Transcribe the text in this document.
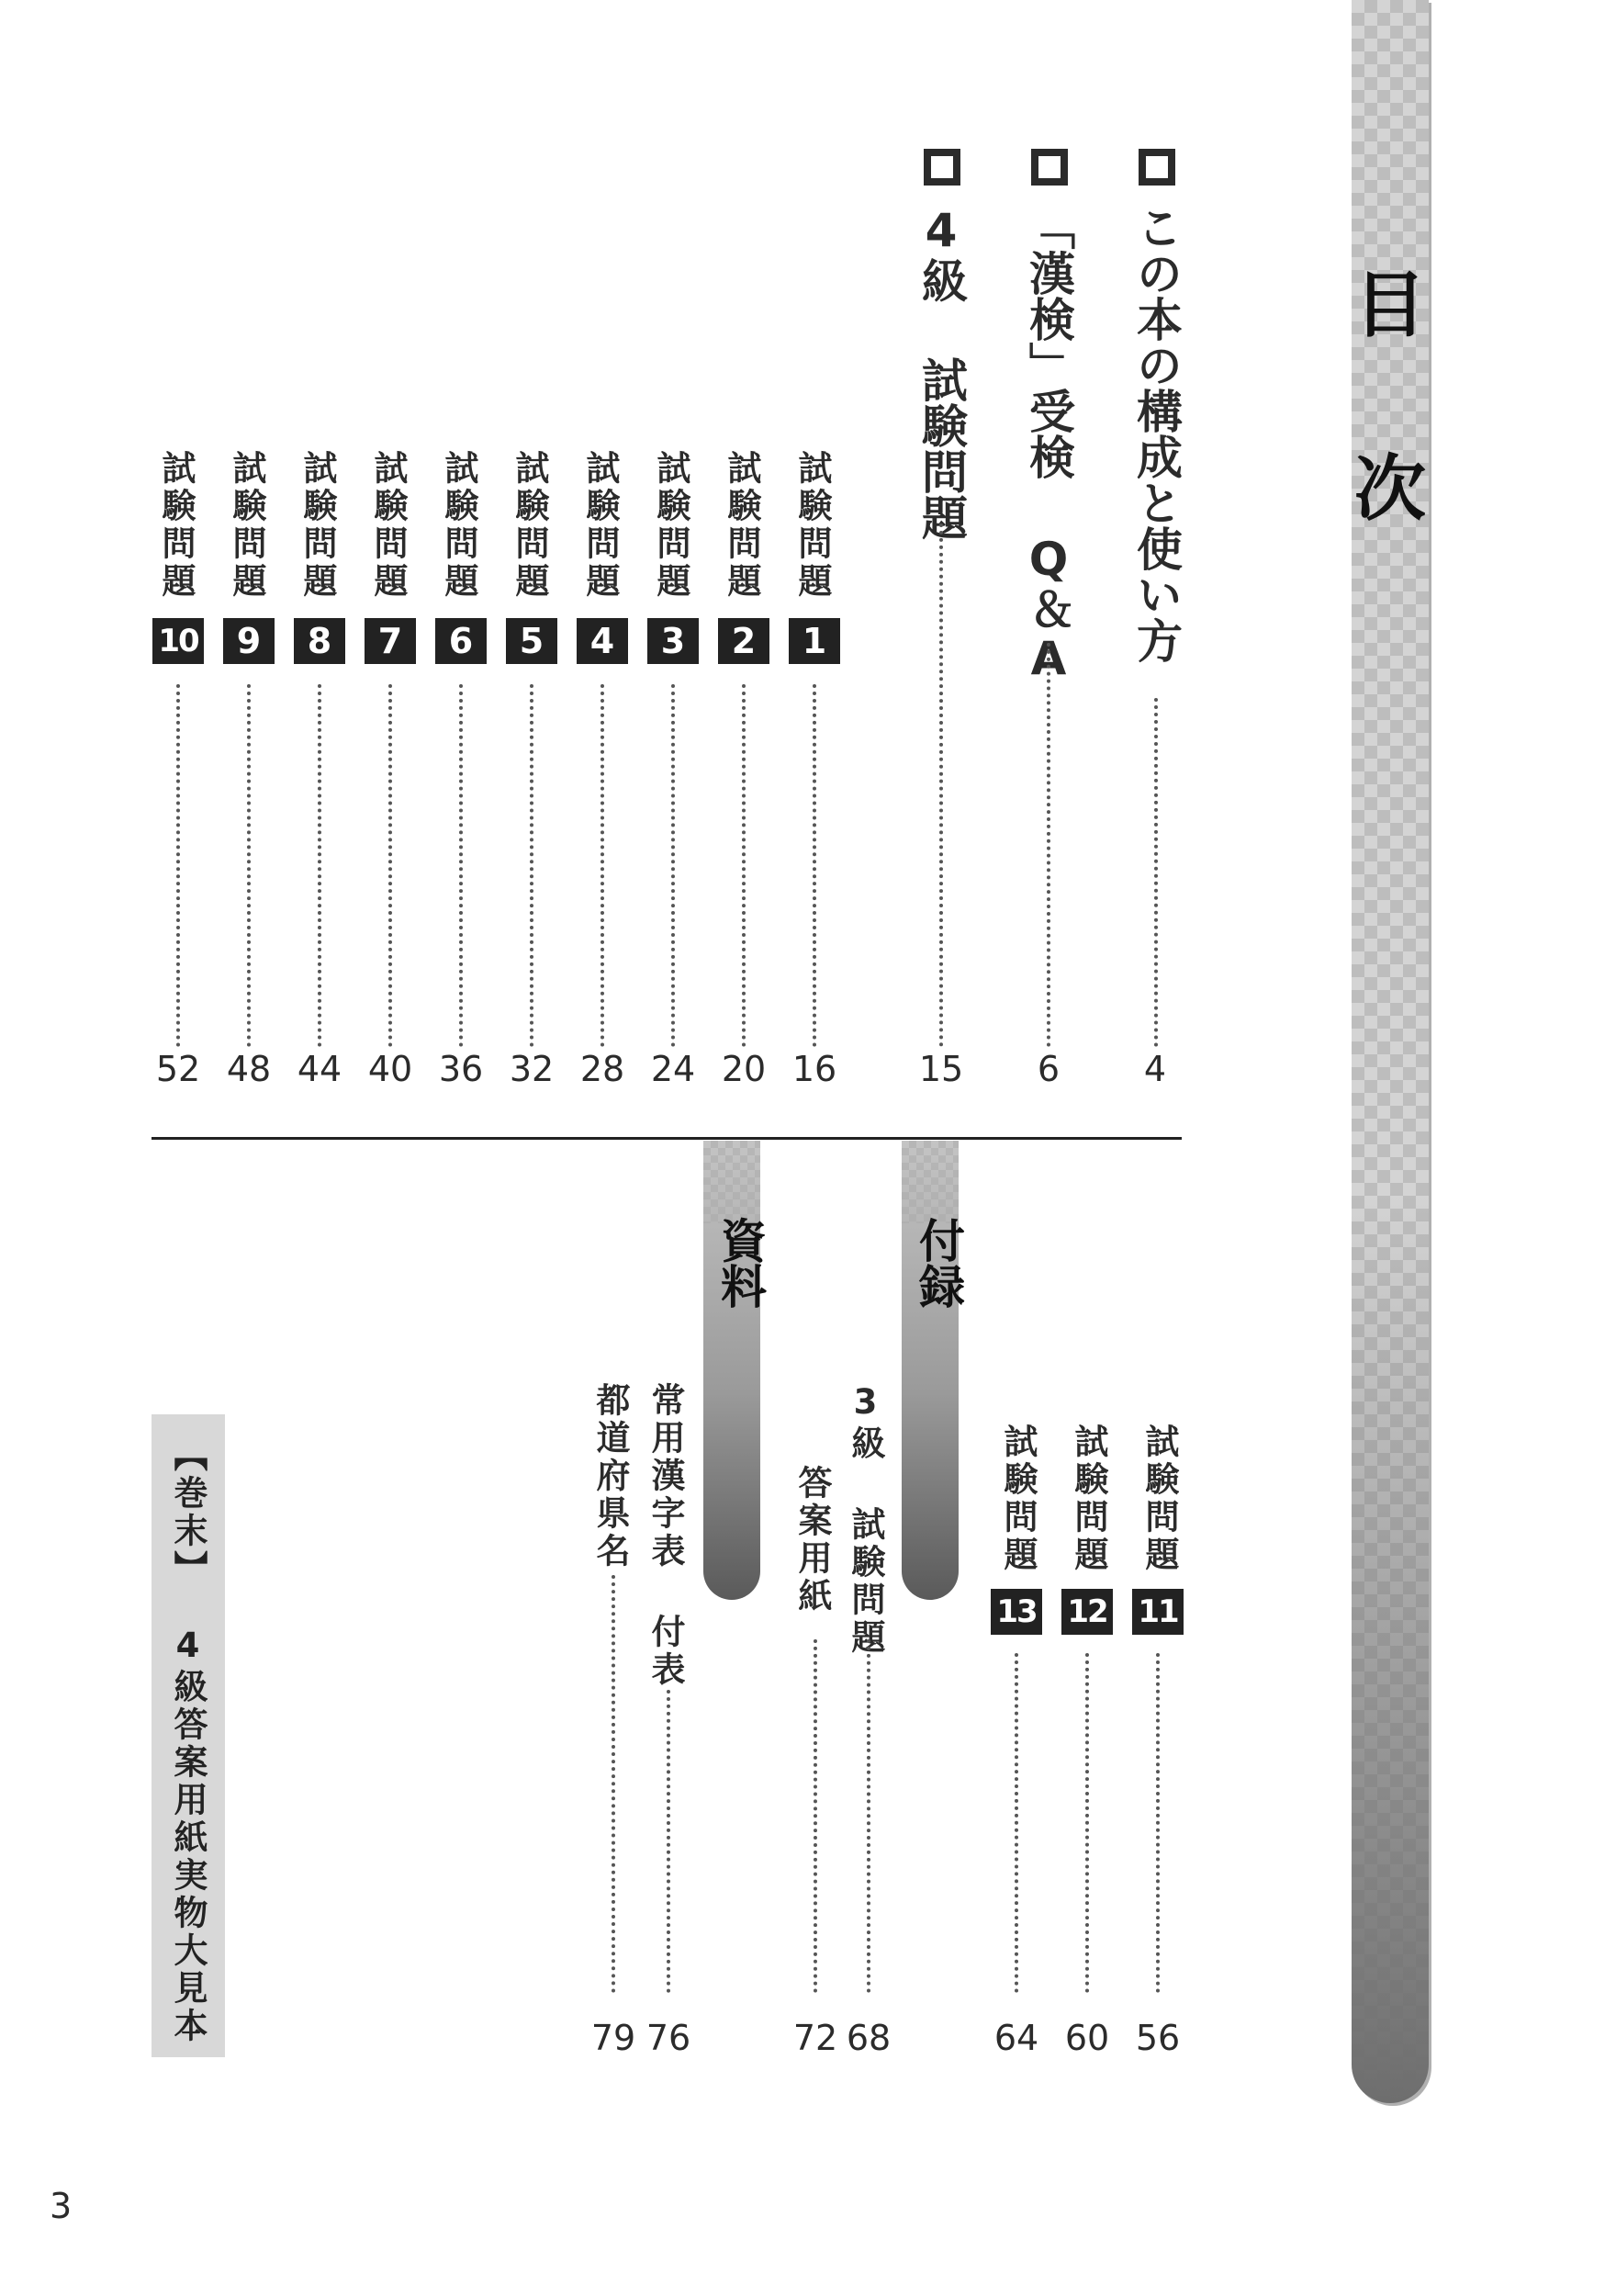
目
次
この本の構成と使い方
4
「漢検」受検 Q＆A
6
4級 試験問題
15
試験問題
1
16
試験問題
2
20
試験問題
3
24
試験問題
4
28
試験問題
5
32
試験問題
6
36
試験問題
7
40
試験問題
8
44
試験問題
9
48
試験問題
10
52
試験問題
11
56
試験問題
12
60
試験問題
13
64
付録
3級 試験問題
68
答案用紙
72
資料
常用漢字表 付表
76
都道府県名
79
【巻末】
4級答案用紙実物大見本
3
